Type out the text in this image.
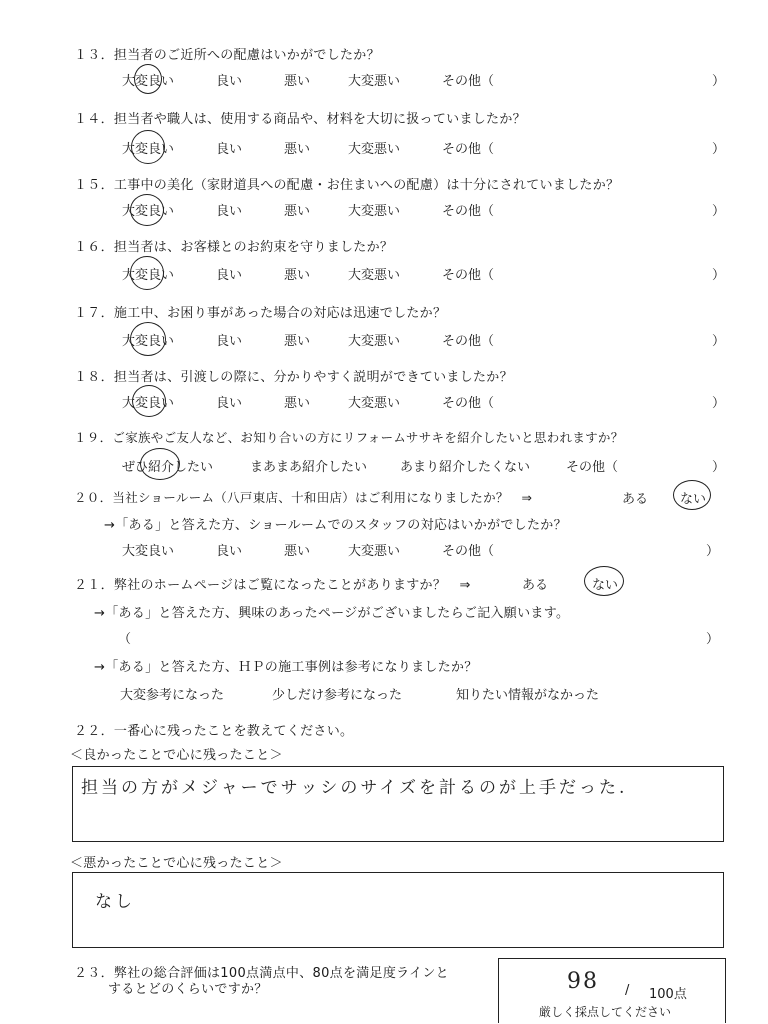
１３．担当者のご近所への配慮はいかがでしたか？
大変良い	良い	悪い	大変悪い	その他（	）
１４．担当者や職人は、使用する商品や、材料を大切に扱っていましたか？
大変良い	良い	悪い	大変悪い	その他（	）
１５．工事中の美化（家財道具への配慮・お住まいへの配慮）は十分にされていましたか？
大変良い	良い	悪い	大変悪い	その他（	）
１６．担当者は、お客様とのお約束を守りましたか？
大変良い	良い	悪い	大変悪い	その他（	）
１７．施工中、お困り事があった場合の対応は迅速でしたか？
大変良い	良い	悪い	大変悪い	その他（	）
１８．担当者は、引渡しの際に、分かりやすく説明ができていましたか？
大変良い	良い	悪い	大変悪い	その他（	）
１９．ご家族やご友人など、お知り合いの方にリフォームササキを紹介したいと思われますか？
ぜひ紹介したい	まあまあ紹介したい	あまり紹介したくない	その他（	）
２０．当社ショールーム（八戸東店、十和田店）はご利用になりましたか？　⇒	ある ない
→「ある」と答えた方、ショールームでのスタッフの対応はいかがでしたか？
大変良い	良い	悪い	大変悪い	その他（	）
２１．弊社のホームページはご覧になったことがありますか？　⇒	ある	ない
→「ある」と答えた方、興味のあったページがございましたらご記入願います。
（	）
→「ある」と答えた方、ＨＰの施工事例は参考になりましたか？
大変参考になった	少しだけ参考になった	知りたい情報がなかった
２２．一番心に残ったことを教えてください。
＜良かったことで心に残ったこと＞
担当の方がメジャーでサッシのサイズを計るのが上手だった.
＜悪かったことで心に残ったこと＞
なし
２３．弊社の総合評価は100点満点中、80点を満足度ラインと
するとどのくらいですか？	98 / 100点
厳しく採点してください
